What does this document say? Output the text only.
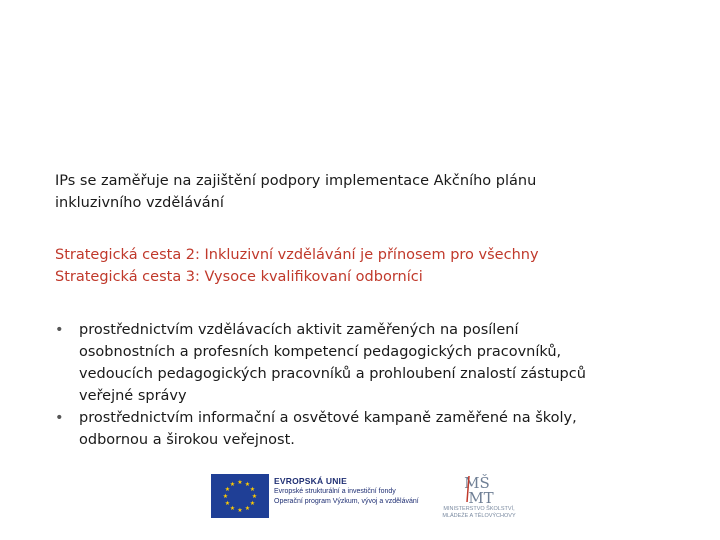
IPs se zaměřuje na zajištění podpory implementace Akčního plánu
inkluzivního vzdělávání
Strategická cesta 2: Inkluzivní vzdělávání je přínosem pro všechny
Strategická cesta 3: Vysoce kvalifikovaní odborníci
• prostřednictvím vzdělávacích aktivit zaměřených na posílení
osobnostních a profesních kompetencí pedagogických pracovníků,
vedoucích pedagogických pracovníků a prohloubení znalostí zástupců
veřejné správy
• prostřednictvím informační a osvětové kampaně zaměřené na školy,
odbornou a širokou veřejnost.
★ ★
★
★
★
★
★
★
★
★
★
★	EVROPSKÁ UNIE
Evropské strukturální a investiční fondy
Operační program Výzkum, vývoj a vzdělávání
MŠ
MT
MINISTERSTVO ŠKOLSTVÍ, MLÁDEŽE A TĚLOVÝCHOVY
